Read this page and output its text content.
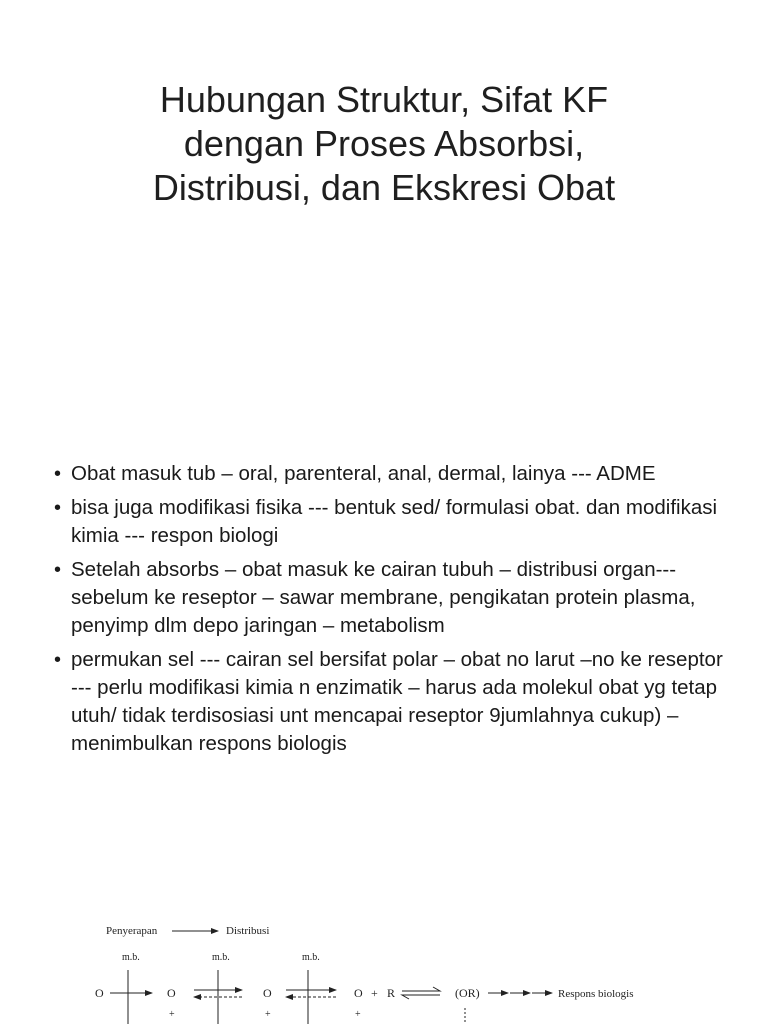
Hubungan Struktur, Sifat KF
dengan Proses Absorbsi,
Distribusi, dan Ekskresi Obat
• Obat masuk tub – oral, parenteral, anal, dermal, lainya --- ADME

• bisa juga modifikasi fisika --- bentuk sed/ formulasi obat. dan modifikasi kimia --- respon biologi

• Setelah absorbs – obat masuk ke cairan tubuh – distribusi organ--- sebelum ke reseptor – sawar membrane, pengikatan protein plasma, penyimp dlm depo jaringan – metabolism

• permukan sel --- cairan sel bersifat polar – obat no larut –no ke reseptor --- perlu modifikasi kimia n enzimatik – harus ada molekul obat yg tetap utuh/ tidak terdisosiasi unt mencapai reseptor 9jumlahnya cukup) – menimbulkan respons biologis

Penyerapan	Distribusi
m.b.	m.b.	m.b.
O	O	O	O + R	(OR)	Respons biologis
+	+	+
